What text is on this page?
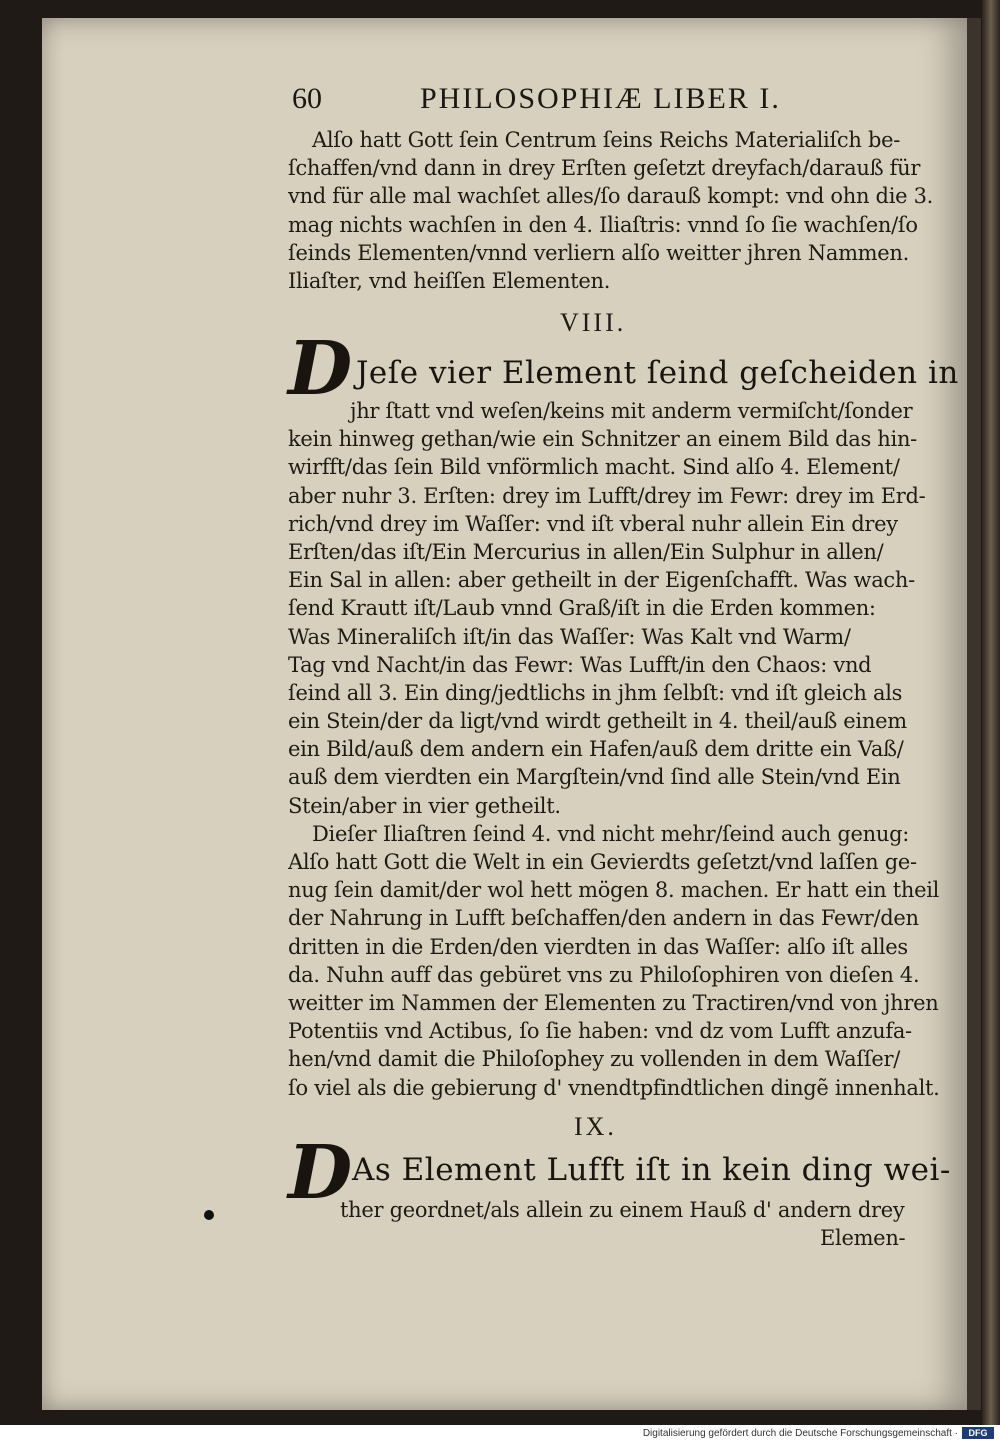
60	PHILOSOPHIÆ LIBER I.
Alſo hatt Gott ſein Centrum ſeins Reichs Materialiſch be-
ſchaffen/vnd dann in drey Erſten geſetzt dreyfach/darauß für
vnd für alle mal wachſet alles/ſo darauß kompt: vnd ohn die 3.
mag nichts wachſen in den 4. Iliaſtris: vnnd ſo ſie wachſen/ſo
ſeinds Elementen/vnnd verliern alſo weitter jhren Nammen.
Iliaſter, vnd heiſſen Elementen.
VIII.
D Jeſe vier Element ſeind geſcheiden in
jhr ſtatt vnd weſen/keins mit anderm vermiſcht/ſonder
kein hinweg gethan/wie ein Schnitzer an einem Bild das hin-
wirfft/das ſein Bild vnförmlich macht. Sind alſo 4. Element/
aber nuhr 3. Erſten: drey im Lufft/drey im Fewr: drey im Erd-
rich/vnd drey im Waſſer: vnd iſt vberal nuhr allein Ein drey
Erſten/das iſt/Ein Mercurius in allen/Ein Sulphur in allen/
Ein Sal in allen: aber getheilt in der Eigenſchafft. Was wach-
ſend Krautt iſt/Laub vnnd Graß/iſt in die Erden kommen:
Was Mineraliſch iſt/in das Waſſer: Was Kalt vnd Warm/
Tag vnd Nacht/in das Fewr: Was Lufft/in den Chaos: vnd
ſeind all 3. Ein ding/jedtlichs in jhm ſelbſt: vnd iſt gleich als
ein Stein/der da ligt/vnd wirdt getheilt in 4. theil/auß einem
ein Bild/auß dem andern ein Hafen/auß dem dritte ein Vaß/
auß dem vierdten ein Margſtein/vnd ſind alle Stein/vnd Ein
Stein/aber in vier getheilt.
Dieſer Iliaſtren ſeind 4. vnd nicht mehr/ſeind auch genug:
Alſo hatt Gott die Welt in ein Gevierdts geſetzt/vnd laſſen ge-
nug ſein damit/der wol hett mögen 8. machen. Er hatt ein theil
der Nahrung in Lufft beſchaffen/den andern in das Fewr/den
dritten in die Erden/den vierdten in das Waſſer: alſo iſt alles
da. Nuhn auff das gebüret vns zu Philoſophiren von dieſen 4.
weitter im Nammen der Elementen zu Tractiren/vnd von jhren
Potentiis vnd Actibus, ſo ſie haben: vnd dz vom Lufft anzufa-
hen/vnd damit die Philoſophey zu vollenden in dem Waſſer/
ſo viel als die gebierung d' vnendtpfindtlichen dingẽ innenhalt.
IX.
D As Element Lufft iſt in kein ding wei-
ther geordnet/als allein zu einem Hauß d' andern drey
Elemen-
Digitalisierung gefördert durch die Deutsche Forschungsgemeinschaft ·	DFG
